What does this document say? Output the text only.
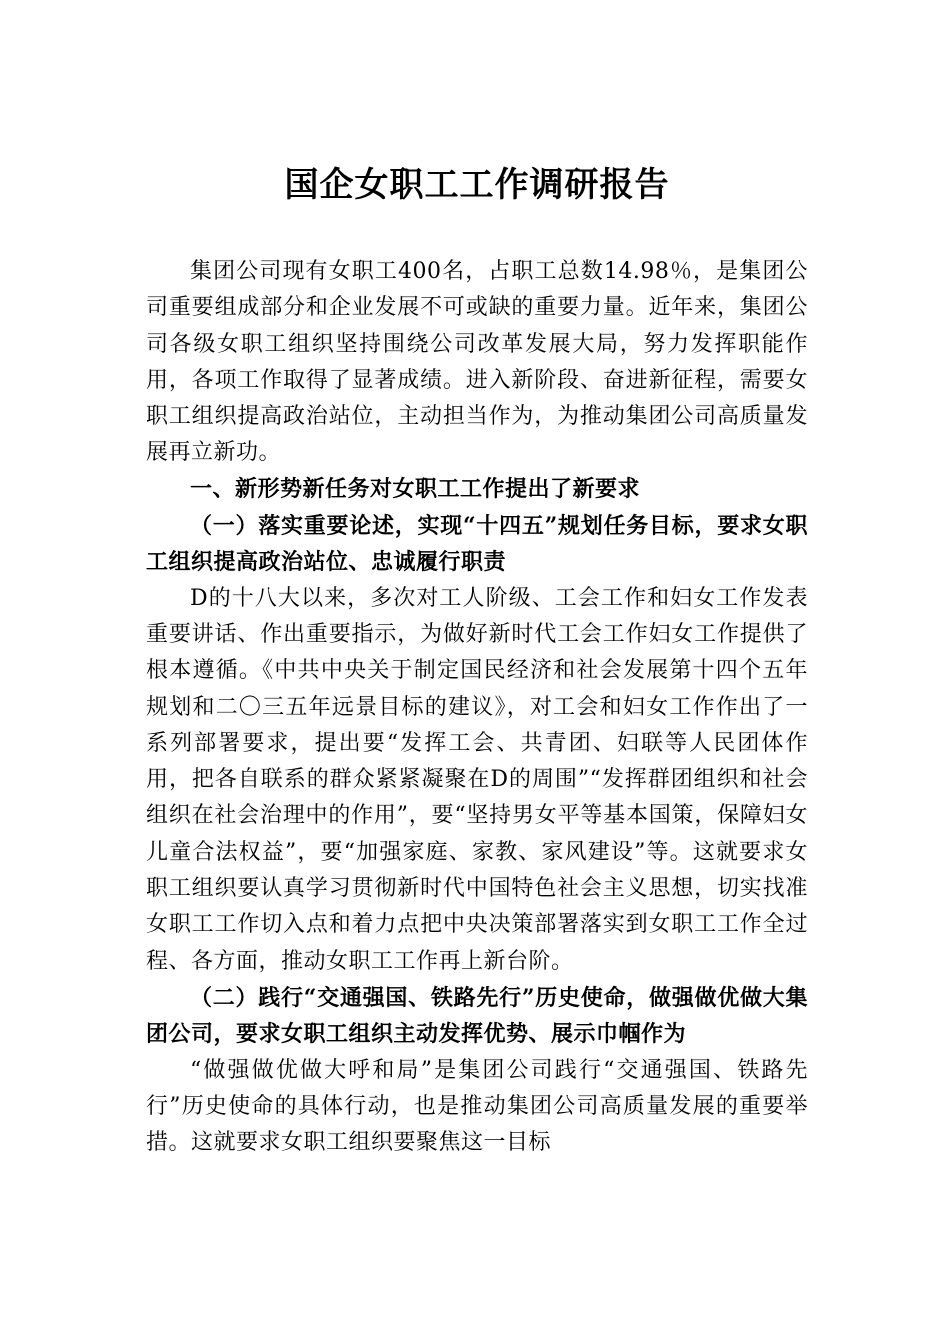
国企女职工工作调研报告

集团公司现有女职工400名，占职工总数14.98％，是集团公司重要组成部分和企业发展不可或缺的重要力量。近年来，集团公司各级女职工组织坚持围绕公司改革发展大局，努力发挥职能作用，各项工作取得了显著成绩。进入新阶段、奋进新征程，需要女职工组织提高政治站位，主动担当作为，为推动集团公司高质量发展再立新功。

一、新形势新任务对女职工工作提出了新要求

（一）落实重要论述，实现“十四五”规划任务目标，要求女职工组织提高政治站位、忠诚履行职责

D的十八大以来，多次对工人阶级、工会工作和妇女工作发表重要讲话、作出重要指示，为做好新时代工会工作妇女工作提供了根本遵循。《中共中央关于制定国民经济和社会发展第十四个五年规划和二〇三五年远景目标的建议》，对工会和妇女工作作出了一系列部署要求，提出要“发挥工会、共青团、妇联等人民团体作用，把各自联系的群众紧紧凝聚在D的周围”“发挥群团组织和社会组织在社会治理中的作用”，要“坚持男女平等基本国策，保障妇女儿童合法权益”，要“加强家庭、家教、家风建设”等。这就要求女职工组织要认真学习贯彻新时代中国特色社会主义思想，切实找准女职工工作切入点和着力点把中央决策部署落实到女职工工作全过程、各方面，推动女职工工作再上新台阶。

（二）践行“交通强国、铁路先行”历史使命，做强做优做大集团公司，要求女职工组织主动发挥优势、展示巾帼作为

“做强做优做大呼和局”是集团公司践行“交通强国、铁路先行”历史使命的具体行动，也是推动集团公司高质量发展的重要举措。这就要求女职工组织要聚焦这一目标
